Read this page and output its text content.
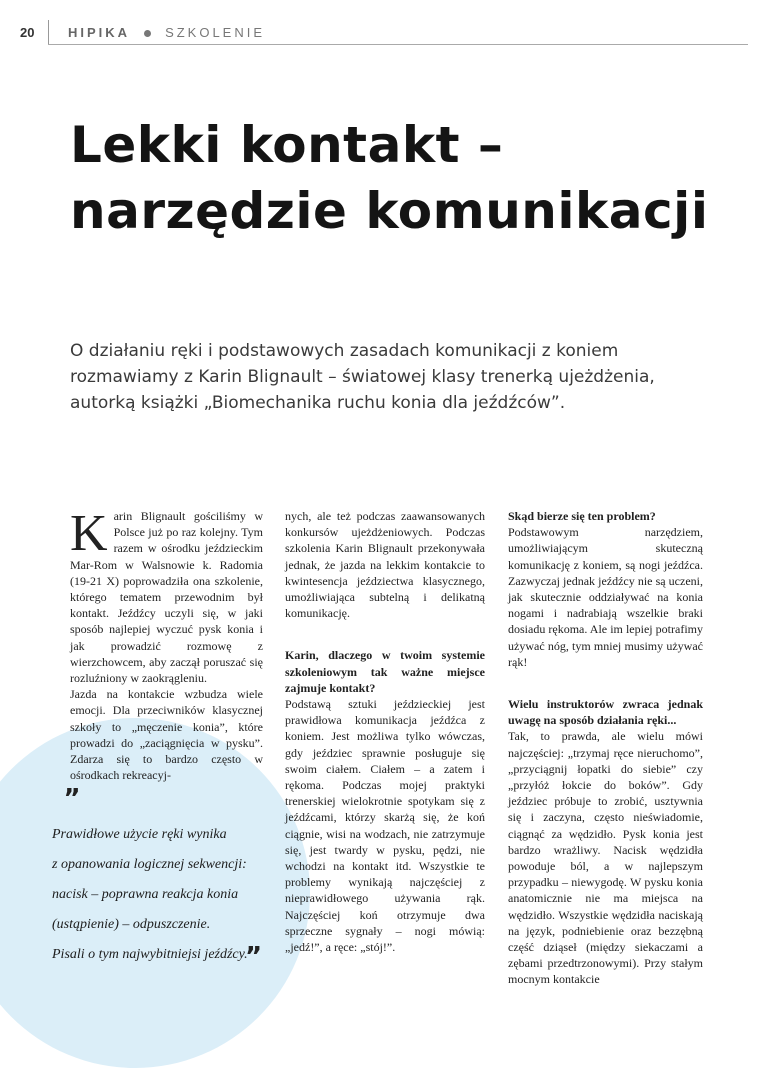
20	HIPIKA	SZKOLENIE
Lekki kontakt –
narzędzie komunikacji
O działaniu ręki i podstawowych zasadach komunikacji z koniem rozmawiamy z Karin Blignault – światowej klasy trenerką ujeżdżenia, autorką książki „Biomechanika ruchu konia dla jeźdźców”.

Karin Blignault gościliśmy w Polsce już po raz kolejny. Tym razem w ośrodku jeździeckim Mar-Rom w Walsnowie k. Radomia (19-21 X) poprowadziła ona szkolenie, którego tematem przewodnim był kontakt. Jeźdźcy uczyli się, w jaki sposób najlepiej wyczuć pysk konia i jak prowadzić rozmowę z wierzchowcem, aby zaczął poruszać się rozluźniony w zaokrągleniu.

Jazda na kontakcie wzbudza wiele emocji. Dla przeciwników klasycznej szkoły to „męczenie konia”, które prowadzi do „zaciągnięcia w pysku”. Zdarza się to bardzo często w ośrodkach rekreacyj-

nych, ale też podczas zaawansowanych konkursów ujeżdżeniowych. Podczas szkolenia Karin Blignault przekonywała jednak, że jazda na lekkim kontakcie to kwintesencja jeździectwa klasycznego, umożliwiająca subtelną i delikatną komunikację.

Karin, dlaczego w twoim systemie szkoleniowym tak ważne miejsce zajmuje kontakt?

Podstawą sztuki jeździeckiej jest prawidłowa komunikacja jeźdźca z koniem. Jest możliwa tylko wówczas, gdy jeździec sprawnie posługuje się swoim ciałem. Ciałem – a zatem i rękoma. Podczas mojej praktyki trenerskiej wielokrotnie spotykam się z jeźdźcami, którzy skarżą się, że koń ciągnie, wisi na wodzach, nie zatrzymuje się, jest twardy w pysku, pędzi, nie wchodzi na kontakt itd. Wszystkie te problemy wynikają najczęściej z nieprawidłowego używania rąk. Najczęściej koń otrzymuje dwa sprzeczne sygnały – nogi mówią: „jedź!”, a ręce: „stój!”.

Skąd bierze się ten problem?

Podstawowym narzędziem, umożliwiającym skuteczną komunikację z koniem, są nogi jeźdźca. Zazwyczaj jednak jeźdźcy nie są uczeni, jak skutecznie oddziaływać na konia nogami i nadrabiają wszelkie braki dosiadu rękoma. Ale im lepiej potrafimy używać nóg, tym mniej musimy używać rąk!

Wielu instruktorów zwraca jednak uwagę na sposób działania ręki...

Tak, to prawda, ale wielu mówi najczęściej: „trzymaj ręce nieruchomo”, „przyciągnij łopatki do siebie” czy „przyłóż łokcie do boków”. Gdy jeździec próbuje to zrobić, usztywnia się i zaczyna, często nieświadomie, ciągnąć za wędzidło. Pysk konia jest bardzo wrażliwy. Nacisk wędzidła powoduje ból, a w najlepszym przypadku – niewygodę. W pysku konia anatomicznie nie ma miejsca na wędzidło. Wszystkie wędzidła naciskają na język, podniebienie oraz bezzębną część dziąseł (między siekaczami a zębami przedtrzonowymi). Przy stałym mocnym kontakcie

„
Prawidłowe użycie ręki wynika
z opanowania logicznej sekwencji:
nacisk – poprawna reakcja konia
(ustąpienie) – odpuszczenie.
Pisali o tym najwybitniejsi jeźdźcy.
”
